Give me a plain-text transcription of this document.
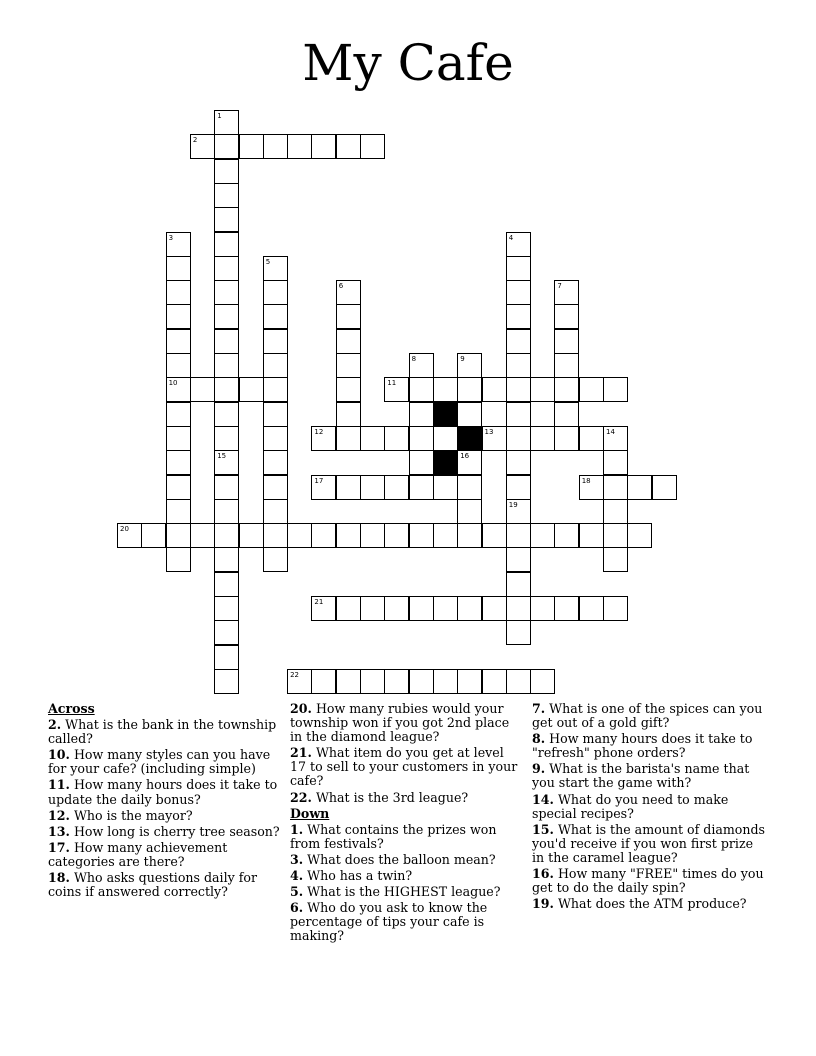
My Cafe
2
1
15
3
10
5
6
4
7
8	9
16
11
12	13	14
17	18
19
20
21
22
Across
2. What is the bank in the township called?
10. How many styles can you have for your cafe? (including simple)
11. How many hours does it take to update the daily bonus?
12. Who is the mayor?
13. How long is cherry tree season?
17. How many achievement categories are there?
18. Who asks questions daily for coins if answered correctly?
20. How many rubies would your township won if you got 2nd place in the diamond league?
21. What item do you get at level 17 to sell to your customers in your cafe?
22. What is the 3rd league?
Down
1. What contains the prizes won from festivals?
3. What does the balloon mean?
4. Who has a twin?
5. What is the HIGHEST league?
6. Who do you ask to know the percentage of tips your cafe is making?
7. What is one of the spices can you get out of a gold gift?
8. How many hours does it take to "refresh" phone orders?
9. What is the barista's name that you start the game with?
14. What do you need to make special recipes?
15. What is the amount of diamonds you'd receive if you won first prize in the caramel league?
16. How many "FREE" times do you get to do the daily spin?
19. What does the ATM produce?
